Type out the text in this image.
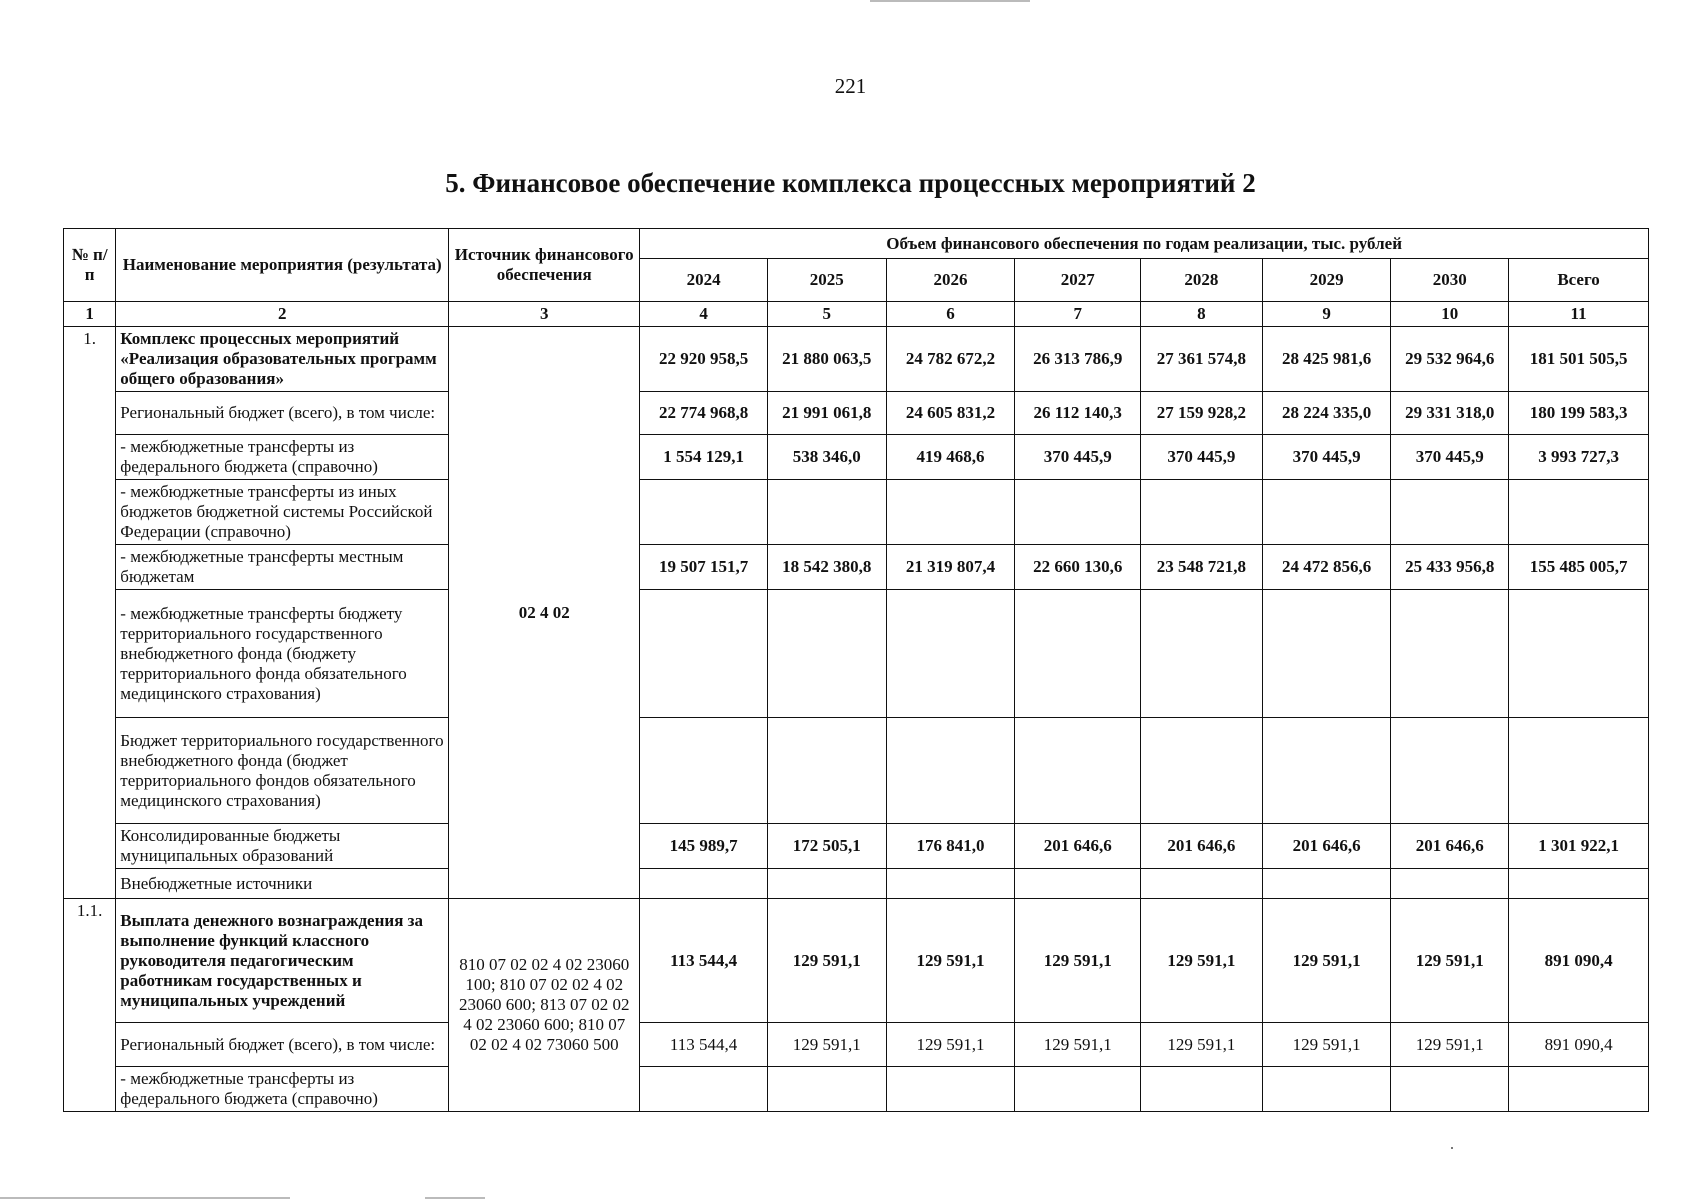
221
5. Финансовое обеспечение комплекса процессных мероприятий 2
№ п/п	Наименование мероприятия (результата)	Источник финансового обеспечения	Объем финансового обеспечения по годам реализации, тыс. рублей							
			2024	2025	2026	2027	2028	2029	2030	Всего
1	2	3	4	5	6	7	8	9	10	11
1.	Комплекс процессных мероприятий «Реализация образовательных программ общего образования»	02 4 02	22 920 958,5	21 880 063,5	24 782 672,2	26 313 786,9	27 361 574,8	28 425 981,6	29 532 964,6	181 501 505,5
	Региональный бюджет (всего), в том числе:		22 774 968,8	21 991 061,8	24 605 831,2	26 112 140,3	27 159 928,2	28 224 335,0	29 331 318,0	180 199 583,3
	- межбюджетные трансферты из федерального бюджета (справочно)		1 554 129,1	538 346,0	419 468,6	370 445,9	370 445,9	370 445,9	370 445,9	3 993 727,3
	- межбюджетные трансферты из иных бюджетов бюджетной системы Российской Федерации (справочно)									
	- межбюджетные трансферты местным бюджетам		19 507 151,7	18 542 380,8	21 319 807,4	22 660 130,6	23 548 721,8	24 472 856,6	25 433 956,8	155 485 005,7
	- межбюджетные трансферты бюджету территориального государственного внебюджетного фонда (бюджету территориального фонда обязательного медицинского страхования)									
	Бюджет территориального государственного внебюджетного фонда (бюджет территориального фондов обязательного медицинского страхования)									
	Консолидированные бюджеты муниципальных образований		145 989,7	172 505,1	176 841,0	201 646,6	201 646,6	201 646,6	201 646,6	1 301 922,1
	Внебюджетные источники									
1.1.	Выплата денежного вознаграждения за выполнение функций классного руководителя педагогическим работникам государственных и муниципальных учреждений	810 07 02 02 4 02 23060 100; 810 07 02 02 4 02 23060 600; 813 07 02 02 4 02 23060 600; 810 07 02 02 4 02 73060 500	113 544,4	129 591,1	129 591,1	129 591,1	129 591,1	129 591,1	129 591,1	891 090,4
	Региональный бюджет (всего), в том числе:		113 544,4	129 591,1	129 591,1	129 591,1	129 591,1	129 591,1	129 591,1	891 090,4
	- межбюджетные трансферты из федерального бюджета (справочно)									
